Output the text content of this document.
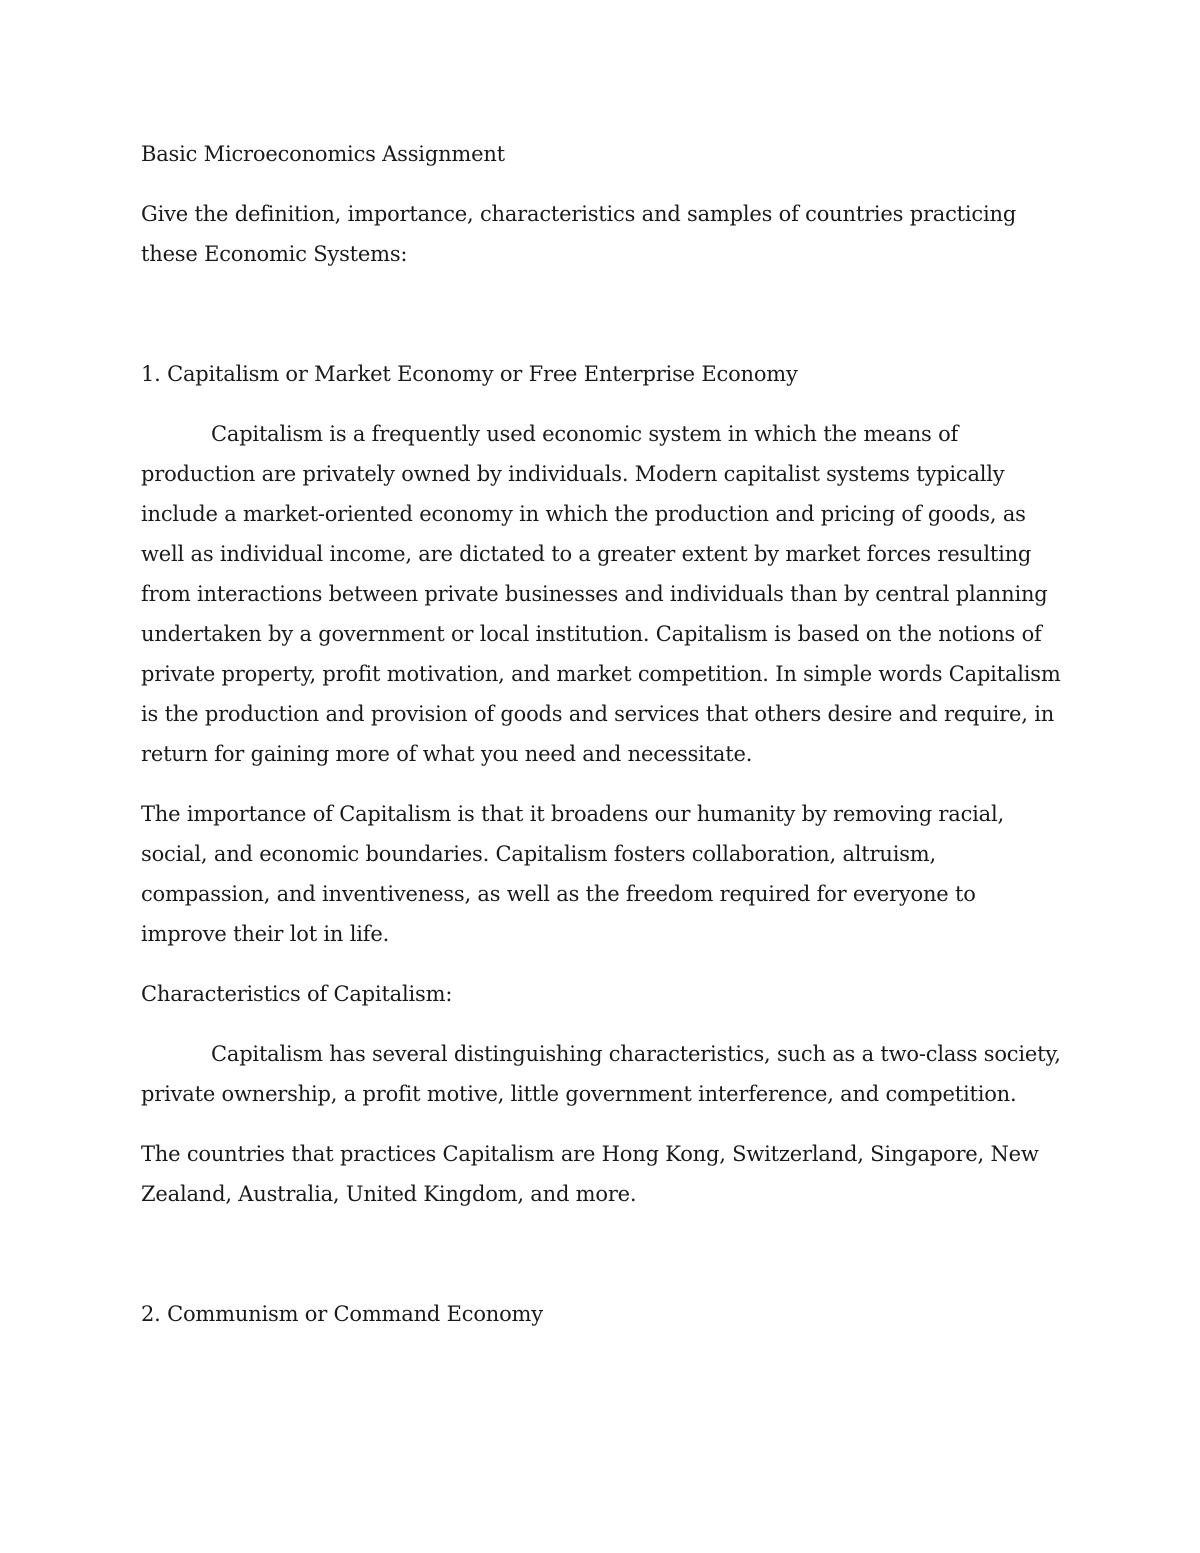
Basic Microeconomics Assignment

Give the definition, importance, characteristics and samples of countries practicing these Economic Systems:

1. Capitalism or Market Economy or Free Enterprise Economy

Capitalism is a frequently used economic system in which the means of production are privately owned by individuals. Modern capitalist systems typically include a market-oriented economy in which the production and pricing of goods, as well as individual income, are dictated to a greater extent by market forces resulting from interactions between private businesses and individuals than by central planning undertaken by a government or local institution. Capitalism is based on the notions of private property, profit motivation, and market competition. In simple words Capitalism is the production and provision of goods and services that others desire and require, in return for gaining more of what you need and necessitate.

The importance of Capitalism is that it broadens our humanity by removing racial, social, and economic boundaries. Capitalism fosters collaboration, altruism, compassion, and inventiveness, as well as the freedom required for everyone to improve their lot in life.

Characteristics of Capitalism:

Capitalism has several distinguishing characteristics, such as a two-class society, private ownership, a profit motive, little government interference, and competition.

The countries that practices Capitalism are Hong Kong, Switzerland, Singapore, New Zealand, Australia, United Kingdom, and more.

2. Communism or Command Economy
